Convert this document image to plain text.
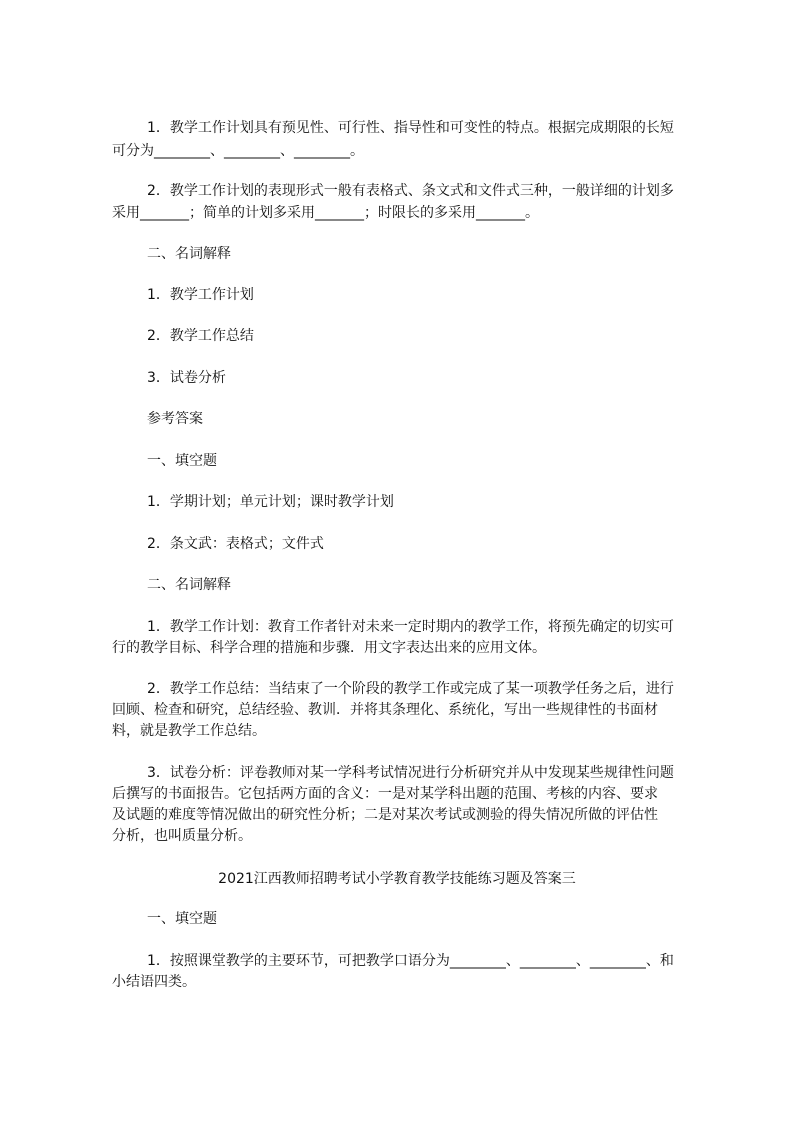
1．教学工作计划具有预见性、可行性、指导性和可变性的特点。根据完成期限的长短
可分为________、________、________。
2．教学工作计划的表现形式一般有表格式、条文式和文件式三种，一般详细的计划多
采用_______；简单的计划多采用_______；时限长的多采用_______。
二、名词解释
1．教学工作计划
2．教学工作总结
3．试卷分析
参考答案
一、填空题
1．学期计划；单元计划；课时教学计划
2．条文武：表格式；文件式
二、名词解释
1．教学工作计划：教育工作者针对未来一定时期内的教学工作，将预先确定的切实可
行的教学目标、科学合理的措施和步骤．用文字表达出来的应用文体。
2．教学工作总结：当结束了一个阶段的教学工作或完成了某一项教学任务之后，进行
回顾、检查和研究，总结经验、教训．并将其条理化、系统化，写出一些规律性的书面材
料，就是教学工作总结。
3．试卷分析：评卷教师对某一学科考试情况进行分析研究并从中发现某些规律性问题
后撰写的书面报告。它包括两方面的含义：一是对某学科出题的范围、考核的内容、要求
及试题的难度等情况做出的研究性分析；二是对某次考试或测验的得失情况所做的评估性
分析，也叫质量分析。
2021江西教师招聘考试小学教育教学技能练习题及答案三
一、填空题
1．按照课堂教学的主要环节，可把教学口语分为________、________、________、和
小结语四类。
